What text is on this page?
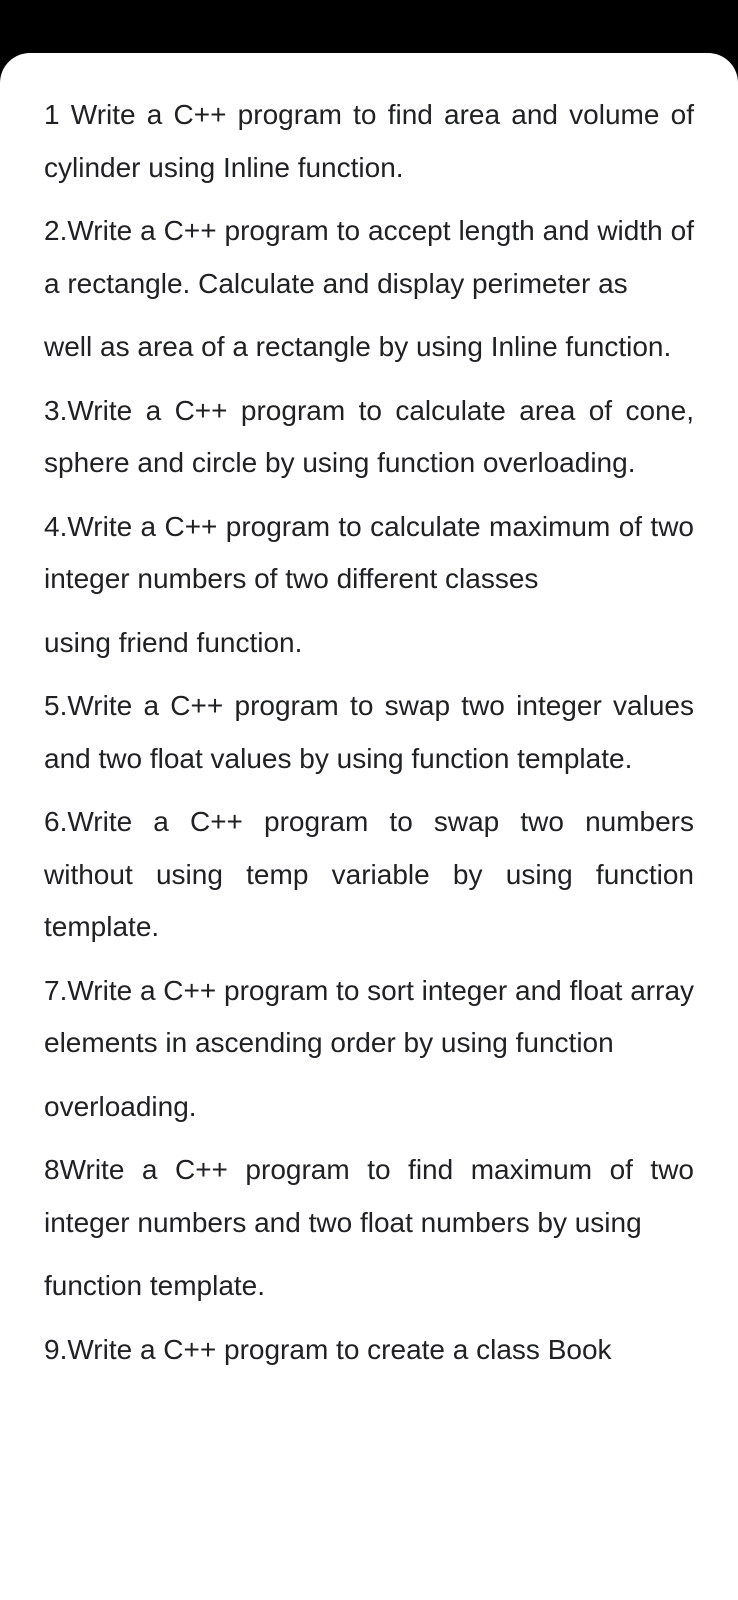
1 Write a C++ program to find area and volume of cylinder using Inline function.

2.Write a C++ program to accept length and width of a rectangle. Calculate and display perimeter as

well as area of a rectangle by using Inline function.

3.Write a C++ program to calculate area of cone, sphere and circle by using function overloading.

4.Write a C++ program to calculate maximum of two integer numbers of two different classes

using friend function.

5.Write a C++ program to swap two integer values and two float values by using function template.

6.Write a C++ program to swap two numbers without using temp variable by using function template.

7.Write a C++ program to sort integer and float array elements in ascending order by using function

overloading.

8Write a C++ program to find maximum of two integer numbers and two float numbers by using

function template.

9.Write a C++ program to create a class Book
